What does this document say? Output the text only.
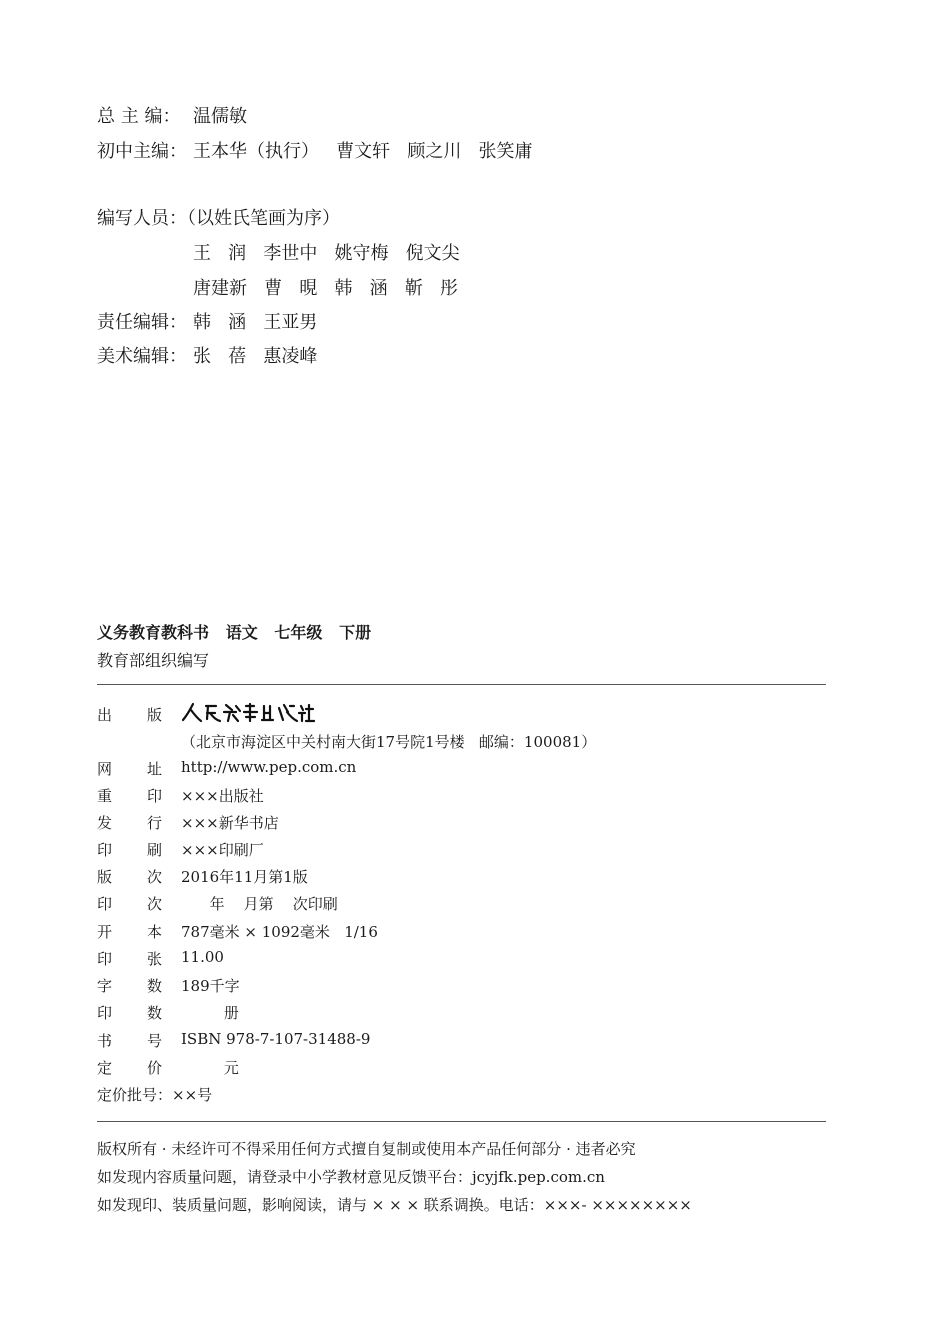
总 主 编： 温儒敏
初中主编： 王本华（执行）   曹文轩   顾之川   张笑庸
编写人员：（以姓氏笔画为序）
王   润   李世中   姚守梅   倪文尖
唐建新   曹   晛   韩   涵   靳   彤
责任编辑： 韩   涵   王亚男
美术编辑： 张   蓓   惠凌峰
义务教育教科书   语文   七年级   下册
教育部组织编写
出 版
（北京市海淀区中关村南大街17号院1号楼   邮编：100081）
网 址 http://www.pep.com.cn
重 印 ×××出版社
发 行 ×××新华书店
印 刷 ×××印刷厂
版 次 2016年11月第1版
印 次 年    月第    次印刷
开 本 787毫米 × 1092毫米   1/16
印 张 11.00
字 数 189千字
印 数 册
书 号 ISBN 978-7-107-31488-9
定 价 元
定价批号：××号
版权所有 · 未经许可不得采用任何方式擅自复制或使用本产品任何部分 · 违者必究
如发现内容质量问题，请登录中小学教材意见反馈平台：jcyjfk.pep.com.cn
如发现印、装质量问题，影响阅读，请与 × × × 联系调换。电话：×××- ××××××××
